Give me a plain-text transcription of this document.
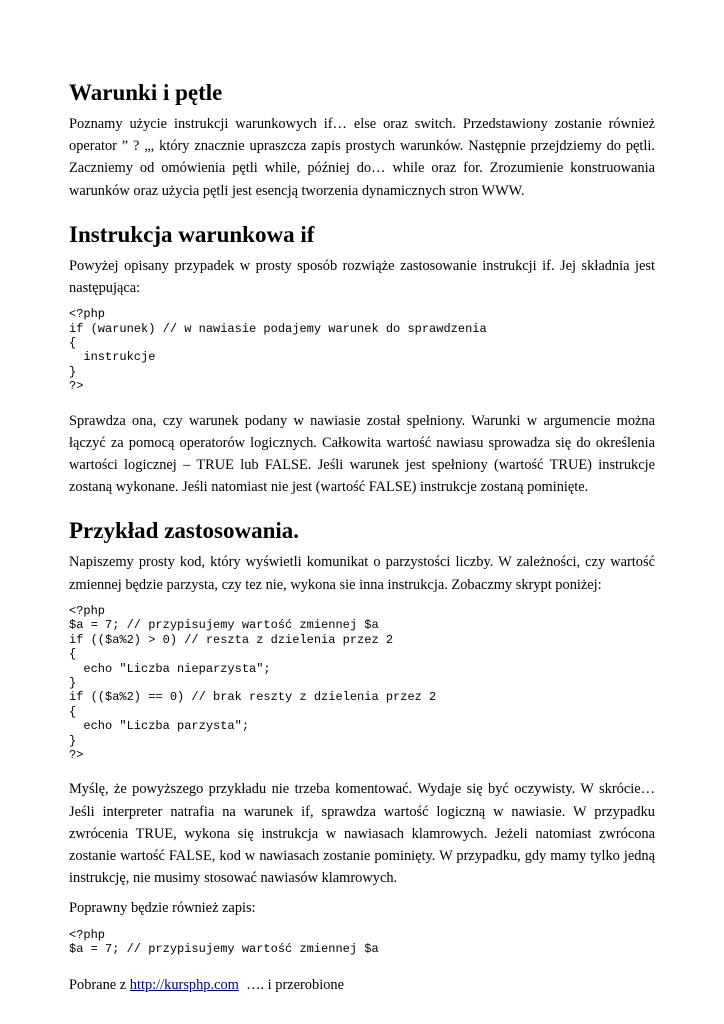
Warunki i pętle

Poznamy użycie instrukcji warunkowych if… else oraz switch. Przedstawiony zostanie również operator ” ? „, który znacznie upraszcza zapis prostych warunków. Następnie przejdziemy do pętli. Zaczniemy od omówienia pętli while, później do… while oraz for. Zrozumienie konstruowania warunków oraz użycia pętli jest esencją tworzenia dynamicznych stron WWW.

Instrukcja warunkowa if

Powyżej opisany przypadek w prosty sposób rozwiąże zastosowanie instrukcji if. Jej składnia jest następująca:

<?php
if (warunek) // w nawiasie podajemy warunek do sprawdzenia
{
instrukcje
}
?>

Sprawdza ona, czy warunek podany w nawiasie został spełniony. Warunki w argumencie można łączyć za pomocą operatorów logicznych. Całkowita wartość nawiasu sprowadza się do określenia wartości logicznej – TRUE lub FALSE. Jeśli warunek jest spełniony (wartość TRUE) instrukcje zostaną wykonane. Jeśli natomiast nie jest (wartość FALSE) instrukcje zostaną pominięte.

Przykład zastosowania.

Napiszemy prosty kod, który wyświetli komunikat o parzystości liczby. W zależności, czy wartość zmiennej będzie parzysta, czy tez nie, wykona sie inna instrukcja. Zobaczmy skrypt poniżej:

<?php
$a = 7; // przypisujemy wartość zmiennej $a
if (($a%2) > 0) // reszta z dzielenia przez 2
{
echo "Liczba nieparzysta";
}
if (($a%2) == 0) // brak reszty z dzielenia przez 2
{
echo "Liczba parzysta";
}
?>

Myślę, że powyższego przykładu nie trzeba komentować. Wydaje się być oczywisty. W skrócie… Jeśli interpreter natrafia na warunek if, sprawdza wartość logiczną w nawiasie. W przypadku zwrócenia TRUE, wykona się instrukcja w nawiasach klamrowych. Jeżeli natomiast zwrócona zostanie wartość FALSE, kod w nawiasach zostanie pominięty. W przypadku, gdy mamy tylko jedną instrukcję, nie musimy stosować nawiasów klamrowych.

Poprawny będzie również zapis:

<?php
$a = 7; // przypisujemy wartość zmiennej $a

Pobrane z http://kursphp.com  …. i przerobione
